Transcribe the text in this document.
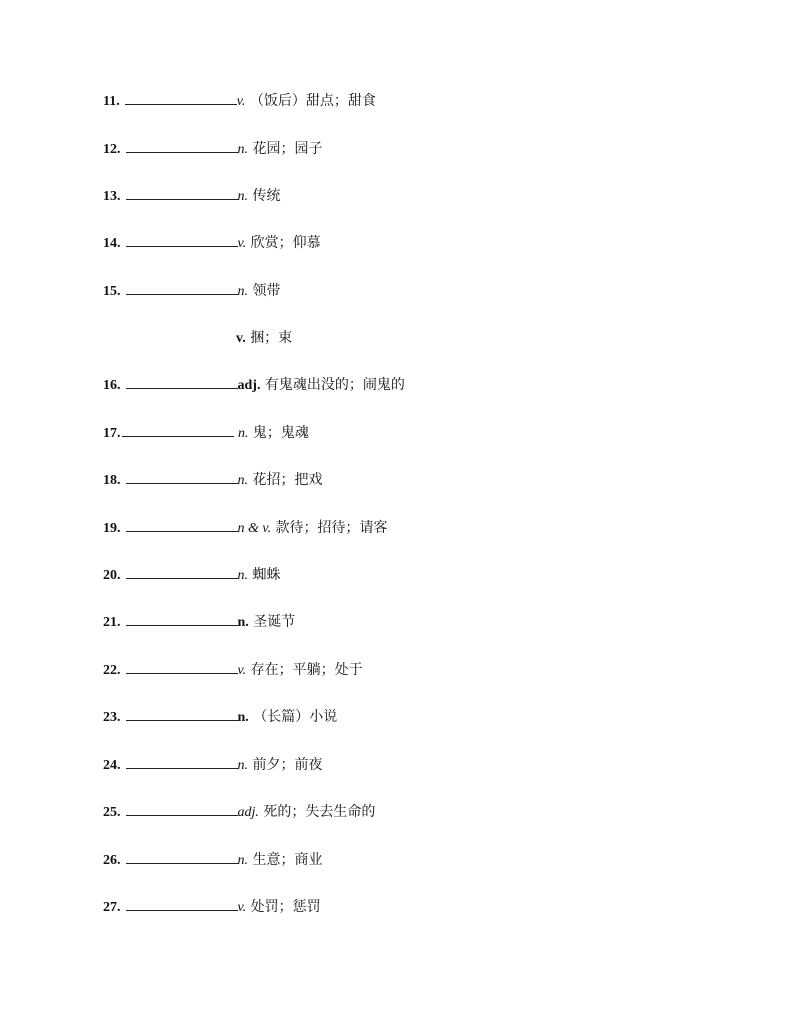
11.	v. （饭后）甜点；甜食
12.	n. 花园；园子
13.	n. 传统
14.	v. 欣赏；仰慕
15.	n. 领带
v. 捆；束
16.	adj. 有鬼魂出没的；闹鬼的
17.	n. 鬼；鬼魂
18.	n. 花招；把戏
19.	n & v. 款待；招待；请客
20.	n. 蜘蛛
21.	n. 圣诞节
22.	v. 存在；平躺；处于
23.	n. （长篇）小说
24.	n. 前夕；前夜
25.	adj. 死的；失去生命的
26.	n. 生意；商业
27.	v. 处罚；惩罚
